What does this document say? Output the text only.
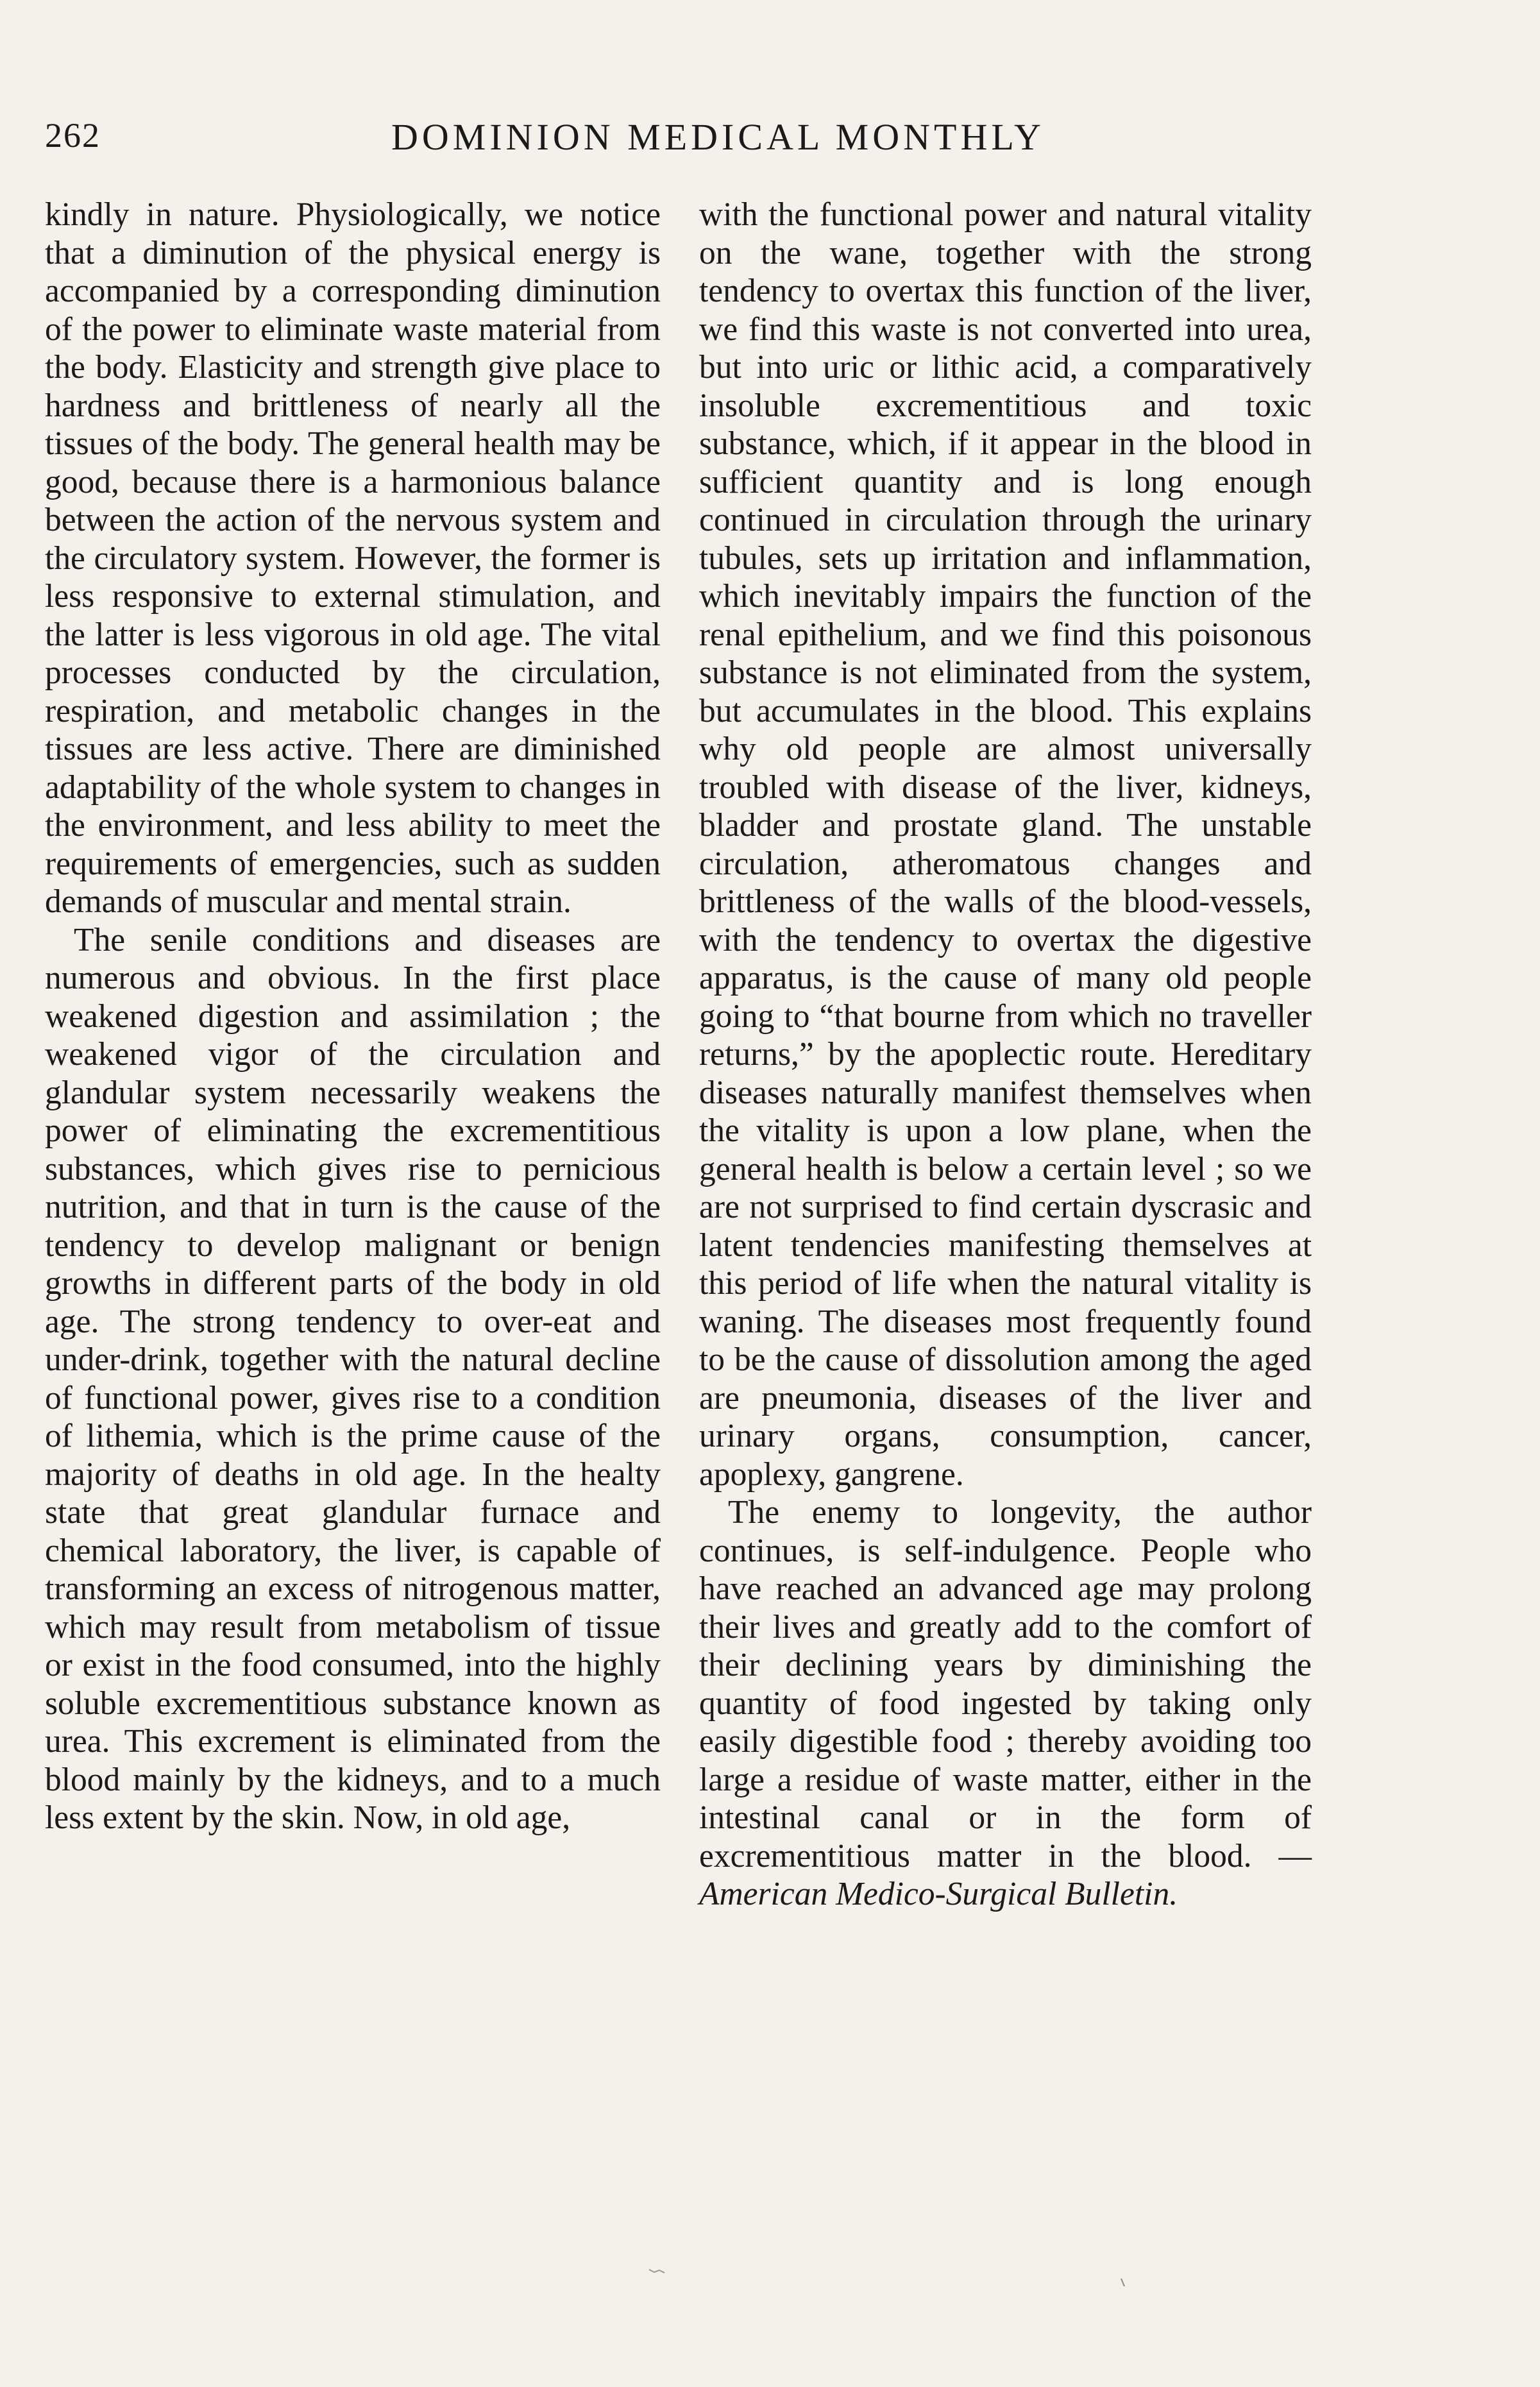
262	DOMINION MEDICAL MONTHLY

kindly in nature. Physiologically, we notice that a diminution of the physical energy is accompanied by a corresponding diminution of the power to eliminate waste material from the body. Elasticity and strength give place to hardness and brittleness of nearly all the tissues of the body. The general health may be good, because there is a harmonious balance between the action of the nervous system and the circulatory system. However, the former is less responsive to external stimulation, and the latter is less vigorous in old age. The vital processes conducted by the circulation, respiration, and metabolic changes in the tissues are less active. There are diminished adaptability of the whole system to changes in the environment, and less ability to meet the requirements of emergencies, such as sudden demands of muscular and mental strain.

The senile conditions and diseases are numerous and obvious. In the first place weakened digestion and assimilation ; the weakened vigor of the circulation and glandular system necessarily weakens the power of eliminating the excrementitious substances, which gives rise to pernicious nutrition, and that in turn is the cause of the tendency to develop malignant or benign growths in different parts of the body in old age. The strong tendency to over-eat and under-drink, together with the natural decline of functional power, gives rise to a condition of lithemia, which is the prime cause of the majority of deaths in old age. In the healty state that great glandular furnace and chemical laboratory, the liver, is capable of transforming an excess of nitrogenous matter, which may result from metabolism of tissue or exist in the food consumed, into the highly soluble excrementitious substance known as urea. This excrement is eliminated from the blood mainly by the kidneys, and to a much less extent by the skin. Now, in old age,

with the functional power and natural vitality on the wane, together with the strong tendency to overtax this function of the liver, we find this waste is not converted into urea, but into uric or lithic acid, a comparatively insoluble excrementitious and toxic substance, which, if it appear in the blood in sufficient quantity and is long enough continued in circulation through the urinary tubules, sets up irritation and inflammation, which inevitably impairs the function of the renal epithelium, and we find this poisonous substance is not eliminated from the system, but accumulates in the blood. This explains why old people are almost universally troubled with disease of the liver, kidneys, bladder and prostate gland. The unstable circulation, atheromatous changes and brittleness of the walls of the blood-vessels, with the tendency to overtax the digestive apparatus, is the cause of many old people going to “that bourne from which no traveller returns,” by the apoplectic route. Hereditary diseases naturally manifest themselves when the vitality is upon a low plane, when the general health is below a certain level ; so we are not surprised to find certain dyscrasic and latent tendencies manifesting themselves at this period of life when the natural vitality is waning. The diseases most frequently found to be the cause of dissolution among the aged are pneumonia, diseases of the liver and urinary organs, consumption, cancer, apoplexy, gangrene.

The enemy to longevity, the author continues, is self-indulgence. People who have reached an advanced age may prolong their lives and greatly add to the comfort of their declining years by diminishing the quantity of food ingested by taking only easily digestible food ; thereby avoiding too large a residue of waste matter, either in the intestinal canal or in the form of excrementitious matter in the blood. — American Medico-Surgical Bulletin.
